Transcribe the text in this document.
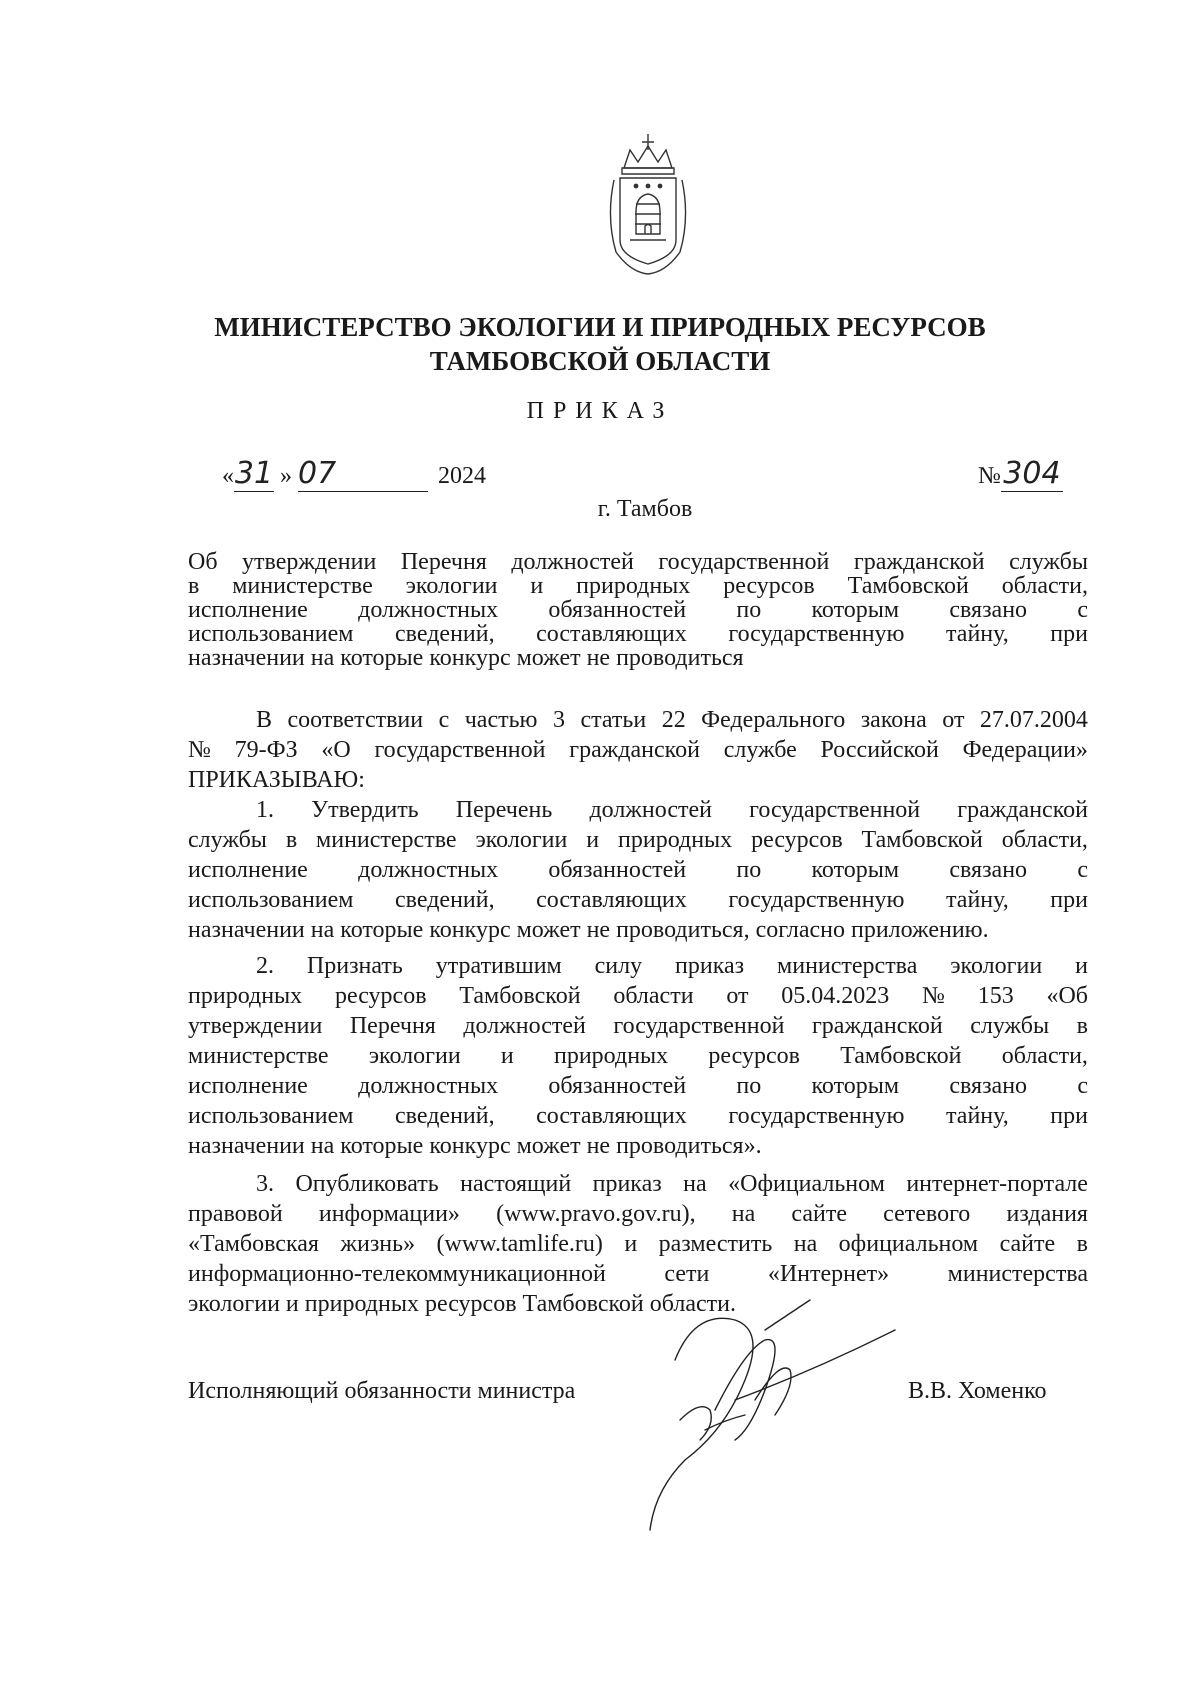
МИНИСТЕРСТВО ЭКОЛОГИИ И ПРИРОДНЫХ РЕСУРСОВ
ТАМБОВСКОЙ ОБЛАСТИ
ПРИКАЗ
«31 » 07	2024	№304
г. Тамбов
Об утверждении Перечня должностей государственной гражданской службы
в министерстве экологии и природных ресурсов Тамбовской области,
исполнение должностных обязанностей по которым связано с
использованием сведений, составляющих государственную тайну, при
назначении на которые конкурс может не проводиться
В соответствии с частью 3 статьи 22 Федерального закона от 27.07.2004
№ 79-ФЗ «О государственной гражданской службе Российской Федерации»
ПРИКАЗЫВАЮ:
1. Утвердить Перечень должностей государственной гражданской
службы в министерстве экологии и природных ресурсов Тамбовской области,
исполнение должностных обязанностей по которым связано с
использованием сведений, составляющих государственную тайну, при
назначении на которые конкурс может не проводиться, согласно приложению.
2. Признать утратившим силу приказ министерства экологии и
природных ресурсов Тамбовской области от 05.04.2023 № 153 «Об
утверждении Перечня должностей государственной гражданской службы в
министерстве экологии и природных ресурсов Тамбовской области,
исполнение должностных обязанностей по которым связано с
использованием сведений, составляющих государственную тайну, при
назначении на которые конкурс может не проводиться».
3. Опубликовать настоящий приказ на «Официальном интернет-портале
правовой информации» (www.pravo.gov.ru), на сайте сетевого издания
«Тамбовская жизнь» (www.tamlife.ru) и разместить на официальном сайте в
информационно-телекоммуникационной сети «Интернет» министерства
экологии и природных ресурсов Тамбовской области.
Исполняющий обязанности министра	В.В. Хоменко
